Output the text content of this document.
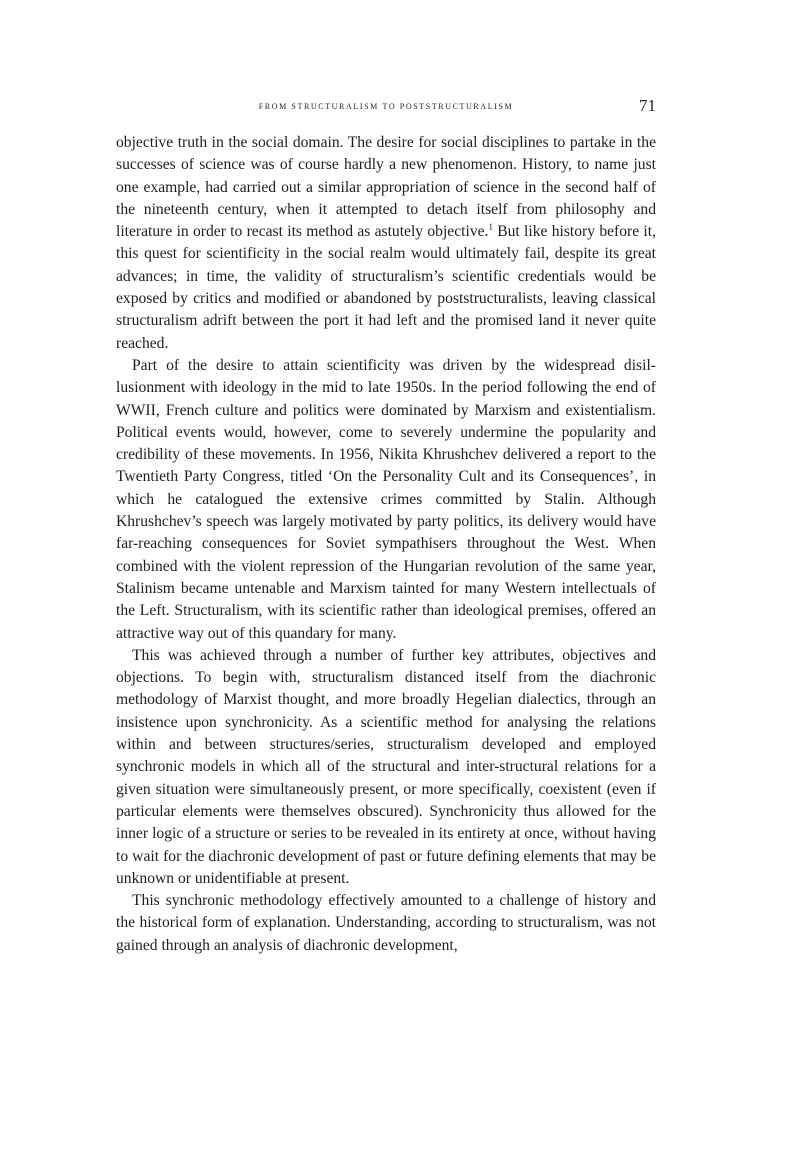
from structuralism to poststructuralism	71

objective truth in the social domain. The desire for social disciplines to partake in the successes of science was of course hardly a new phenomenon. History, to name just one example, had carried out a similar appropriation of science in the second half of the nineteenth century, when it attempted to detach itself from philosophy and literature in order to recast its method as astutely objective.$^1$ But like history before it, this quest for scientificity in the social realm would ultimately fail, despite its great advances; in time, the validity of structuralism’s scientific credentials would be exposed by critics and modified or abandoned by poststructuralists, leaving classical structuralism adrift between the port it had left and the promised land it never quite reached.

Part of the desire to attain scientificity was driven by the widespread disillusionment with ideology in the mid to late 1950s. In the period following the end of WWII, French culture and politics were dominated by Marxism and existentialism. Political events would, however, come to severely undermine the popularity and credibility of these movements. In 1956, Nikita Khrushchev delivered a report to the Twentieth Party Congress, titled ‘On the Personality Cult and its Consequences’, in which he catalogued the extensive crimes committed by Stalin. Although Khrushchev’s speech was largely motivated by party politics, its delivery would have far-reaching consequences for Soviet sympathisers throughout the West. When combined with the violent repression of the Hungarian revolution of the same year, Stalinism became untenable and Marxism tainted for many Western intellectuals of the Left. Structuralism, with its scientific rather than ideological premises, offered an attractive way out of this quandary for many.

This was achieved through a number of further key attributes, objectives and objections. To begin with, structuralism distanced itself from the diachronic methodology of Marxist thought, and more broadly Hegelian dialectics, through an insistence upon synchronicity. As a scientific method for analysing the relations within and between structures/series, structuralism developed and employed synchronic models in which all of the structural and inter-structural relations for a given situation were simultaneously present, or more specifically, coexistent (even if particular elements were themselves obscured). Synchronicity thus allowed for the inner logic of a structure or series to be revealed in its entirety at once, without having to wait for the diachronic development of past or future defining elements that may be unknown or unidentifiable at present.

This synchronic methodology effectively amounted to a challenge of history and the historical form of explanation. Understanding, according to structuralism, was not gained through an analysis of diachronic development,
